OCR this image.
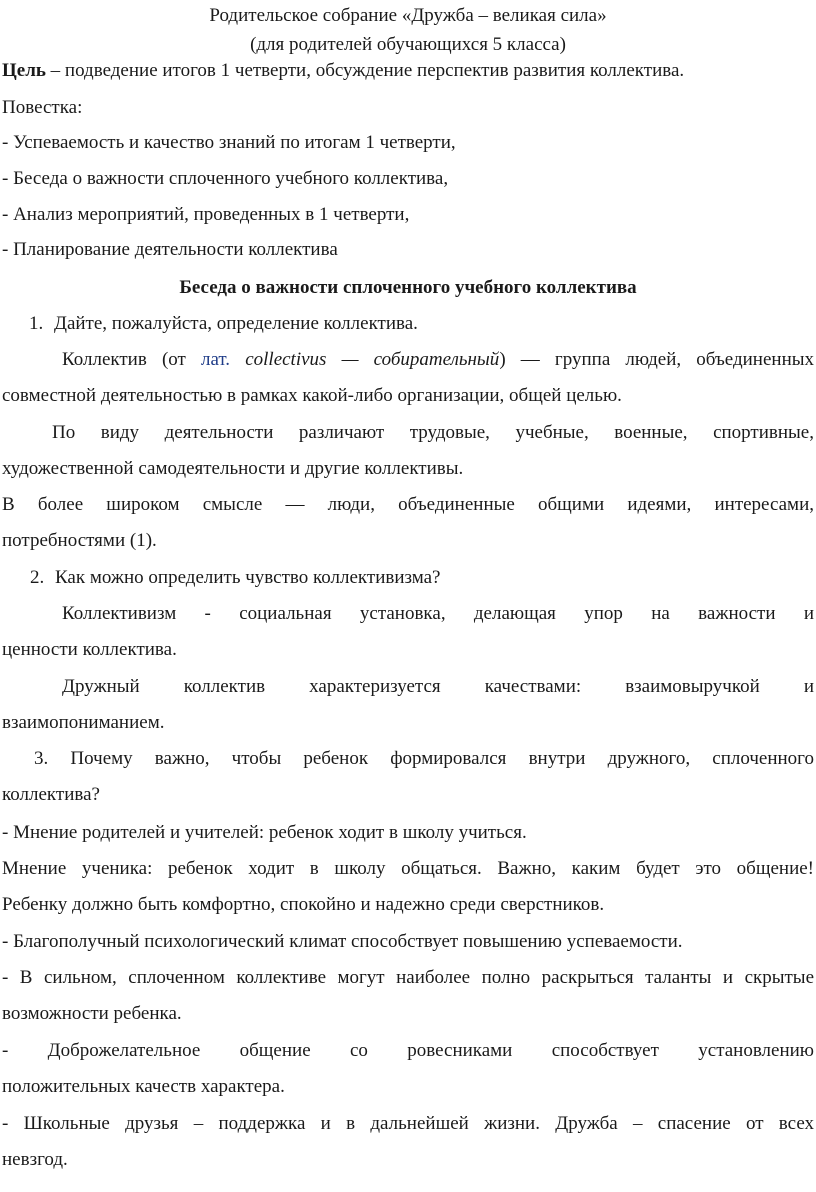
Родительское собрание «Дружба – великая сила»
(для родителей обучающихся 5 класса)
Цель – подведение итогов 1 четверти, обсуждение перспектив развития коллектива.
Повестка:
- Успеваемость и качество знаний по итогам 1 четверти,
- Беседа о важности сплоченного учебного коллектива,
- Анализ мероприятий, проведенных в 1 четверти,
- Планирование деятельности коллектива
Беседа о важности сплоченного учебного коллектива
1. Дайте, пожалуйста, определение коллектива.
Коллектив (от лат. collectivus — собирательный) — группа людей, объединенных
совместной деятельностью в рамках какой-либо организации, общей целью.
По виду деятельности различают трудовые, учебные, военные, спортивные,
художественной самодеятельности и другие коллективы.
В более широком смысле — люди, объединенные общими идеями, интересами,
потребностями (1).
2. Как можно определить чувство коллективизма?
Коллективизм - социальная установка, делающая упор на важности и
ценности коллектива.
Дружный коллектив характеризуется качествами: взаимовыручкой и
взаимопониманием.
3. Почему важно, чтобы ребенок формировался внутри дружного, сплоченного
коллектива?
- Мнение родителей и учителей: ребенок ходит в школу учиться.
Мнение ученика: ребенок ходит в школу общаться. Важно, каким будет это общение!
Ребенку должно быть комфортно, спокойно и надежно среди сверстников.
- Благополучный психологический климат способствует повышению успеваемости.
- В сильном, сплоченном коллективе могут наиболее полно раскрыться таланты и скрытые
возможности ребенка.
- Доброжелательное общение со ровесниками способствует установлению
положительных качеств характера.
- Школьные друзья – поддержка и в дальнейшей жизни. Дружба – спасение от всех
невзгод.
